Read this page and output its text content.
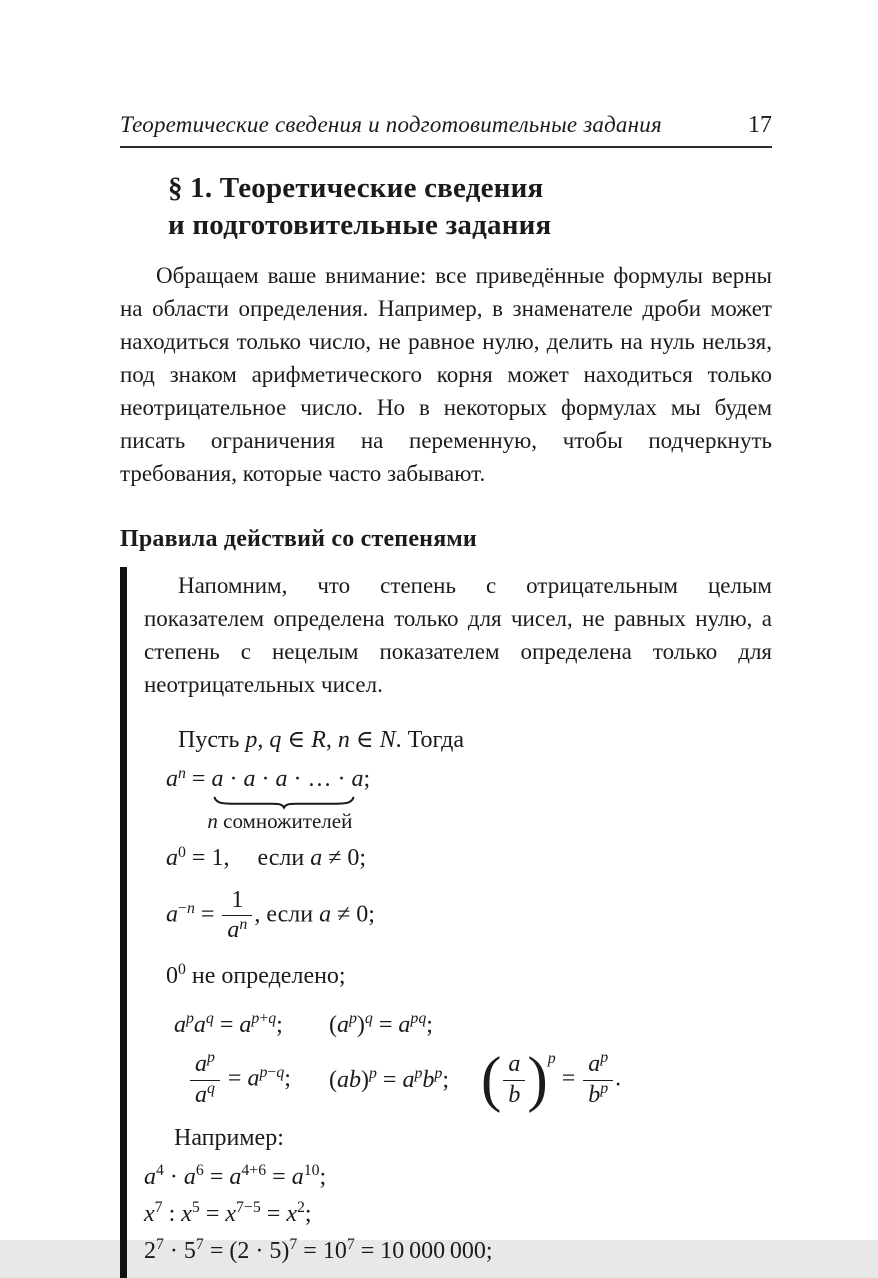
Теоретические сведения и подготовительные задания	17
§ 1. Теоретические сведения
и подготовительные задания

Обращаем ваше внимание: все приведённые формулы верны на области определения. Например, в знаменателе дроби может находиться только число, не равное нулю, делить на нуль нельзя, под знаком арифметического корня может находиться только неотрицательное число. Но в некоторых формулах мы будем писать ограничения на переменную, чтобы подчеркнуть требования, которые часто забывают.

Правила действий со степенями

Напомним, что степень с отрицательным целым показателем определена только для чисел, не равных нулю, а степень с нецелым показателем определена только для неотрицательных чисел.

Пусть p, q ∈ R, n ∈ N. Тогда
an = a · a · a · … · a
n сомножителей
;
a0 = 1, если a ≠ 0;
$a-n = \frac{1}{an}$ , если a ≠ 0;
00 не определено;
apaq = ap+q;	(ap)q = apq;
$\frac{ap}{aq} = ap-q$;	(ab)p = apbp; ( a
b ) $p = \frac{ap}{bp}$ .
Например:
a4 · a6 = a4+6 = a10;
x7 : x5 = x7−5 = x2;
27 · 57 = (2 · 5)7 = 107 = 10 000 000;
